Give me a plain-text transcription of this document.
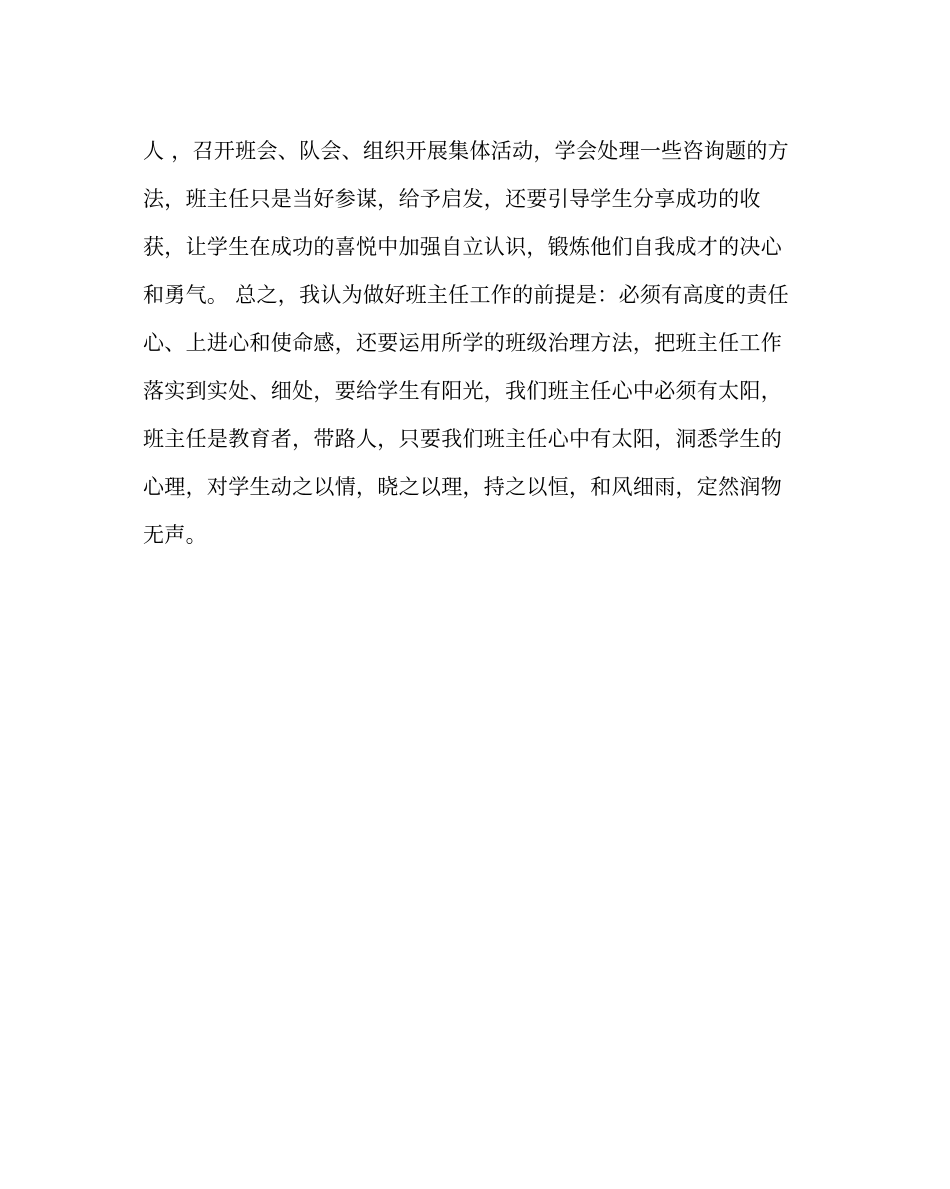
人 ，召开班会、队会、组织开展集体活动，学会处理一些咨询题的方
法，班主任只是当好参谋，给予启发，还要引导学生分享成功的收
获，让学生在成功的喜悦中加强自立认识，锻炼他们自我成才的决心
和勇气。 总之，我认为做好班主任工作的前提是：必须有高度的责任
心、上进心和使命感，还要运用所学的班级治理方法，把班主任工作
落实到实处、细处，要给学生有阳光，我们班主任心中必须有太阳，
班主任是教育者，带路人，只要我们班主任心中有太阳，洞悉学生的
心理，对学生动之以情，晓之以理，持之以恒，和风细雨，定然润物
无声。
